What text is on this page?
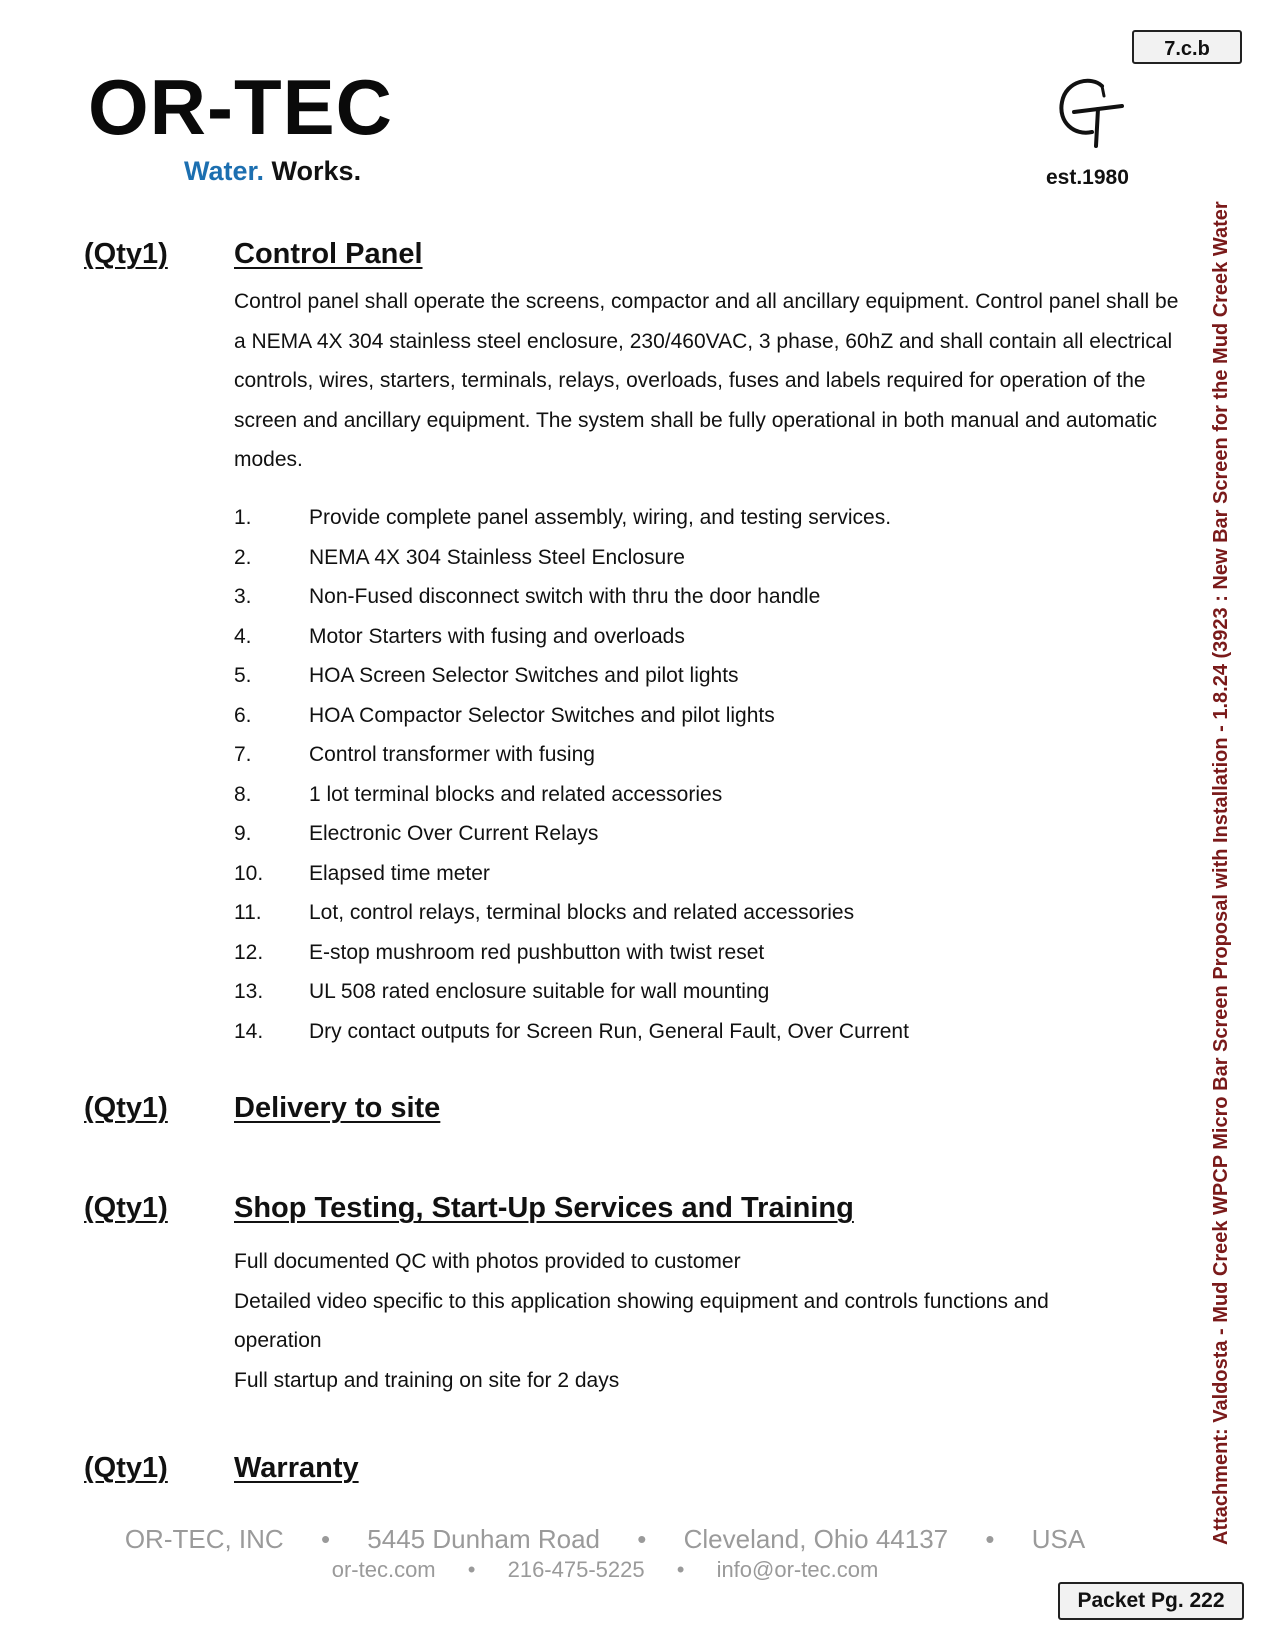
7.c.b
OR-TEC
Water. Works.	est.1980
Attachment: Valdosta - Mud Creek WPCP Micro Bar Screen Proposal with Installation - 1.8.24 (3923 : New Bar Screen for the Mud Creek Water
(Qty1) Control Panel
Control panel shall operate the screens, compactor and all ancillary equipment. Control panel shall be a NEMA 4X 304 stainless steel enclosure, 230/460VAC, 3 phase, 60hZ and shall contain all electrical controls, wires, starters, terminals, relays, overloads, fuses and labels required for operation of the screen and ancillary equipment. The system shall be fully operational in both manual and automatic modes.
1.	Provide complete panel assembly, wiring, and testing services.
2.	NEMA 4X 304 Stainless Steel Enclosure
3.	Non-Fused disconnect switch with thru the door handle
4.	Motor Starters with fusing and overloads
5.	HOA Screen Selector Switches and pilot lights
6.	HOA Compactor Selector Switches and pilot lights
7.	Control transformer with fusing
8.	1 lot terminal blocks and related accessories
9.	Electronic Over Current Relays
10. Elapsed time meter
11. Lot, control relays, terminal blocks and related accessories
12. E-stop mushroom red pushbutton with twist reset
13. UL 508 rated enclosure suitable for wall mounting
14. Dry contact outputs for Screen Run, General Fault, Over Current
(Qty1) Delivery to site
(Qty1) Shop Testing, Start-Up Services and Training
Full documented QC with photos provided to customer
Detailed video specific to this application showing equipment and controls functions and
operation
Full startup and training on site for 2 days
(Qty1) Warranty
OR-TEC, INC • 5445 Dunham Road • Cleveland, Ohio 44137 • USA
or-tec.com • 216-475-5225 • info@or-tec.com
Packet Pg. 222
